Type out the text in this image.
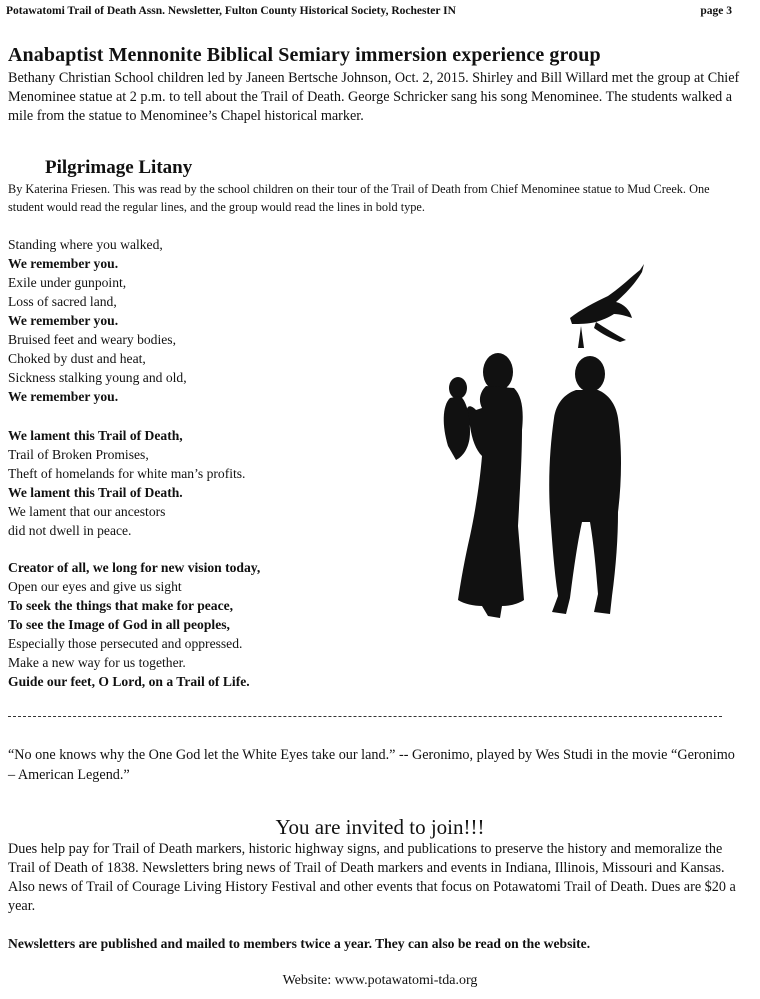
Potawatomi Trail of Death Assn. Newsletter, Fulton County Historical Society, Rochester IN	page 3
Anabaptist Mennonite Biblical Semiary immersion experience group

Bethany Christian School children led by Janeen Bertsche Johnson, Oct. 2, 2015. Shirley and Bill Willard met the group at Chief Menominee statue at 2 p.m. to tell about the Trail of Death. George Schricker sang his song Menominee. The students walked a mile from the statue to Menominee’s Chapel historical marker.

Pilgrimage Litany

By Katerina Friesen. This was read by the school children on their tour of the Trail of Death from Chief Menominee statue to Mud Creek. One student would read the regular lines, and the group would read the lines in bold type.

Standing where you walked,
We remember you.
Exile under gunpoint,
Loss of sacred land,
We remember you.
Bruised feet and weary bodies,
Choked by dust and heat,
Sickness stalking young and old,
We remember you.
We lament this Trail of Death,
Trail of Broken Promises,
Theft of homelands for white man’s profits.
We lament this Trail of Death.
We lament that our ancestors
did not dwell in peace.
Creator of all, we long for new vision today,
Open our eyes and give us sight
To seek the things that make for peace,
To see the Image of God in all peoples,
Especially those persecuted and oppressed.
Make a new way for us together.
Guide our feet, O Lord, on a Trail of Life.

“No one knows why the One God let the White Eyes take our land.” -- Geronimo, played by Wes Studi in the movie “Geronimo – American Legend.”

You are invited to join!!!

Dues help pay for Trail of Death markers, historic highway signs, and publications to preserve the history and memoralize the Trail of Death of 1838. Newsletters bring news of Trail of Death markers and events in Indiana, Illinois, Missouri and Kansas. Also news of Trail of Courage Living History Festival and other events that focus on Potawatomi Trail of Death. Dues are $20 a year.

Newsletters are published and mailed to members twice a year. They can also be read on the website.

Website: www.potawatomi-tda.org
